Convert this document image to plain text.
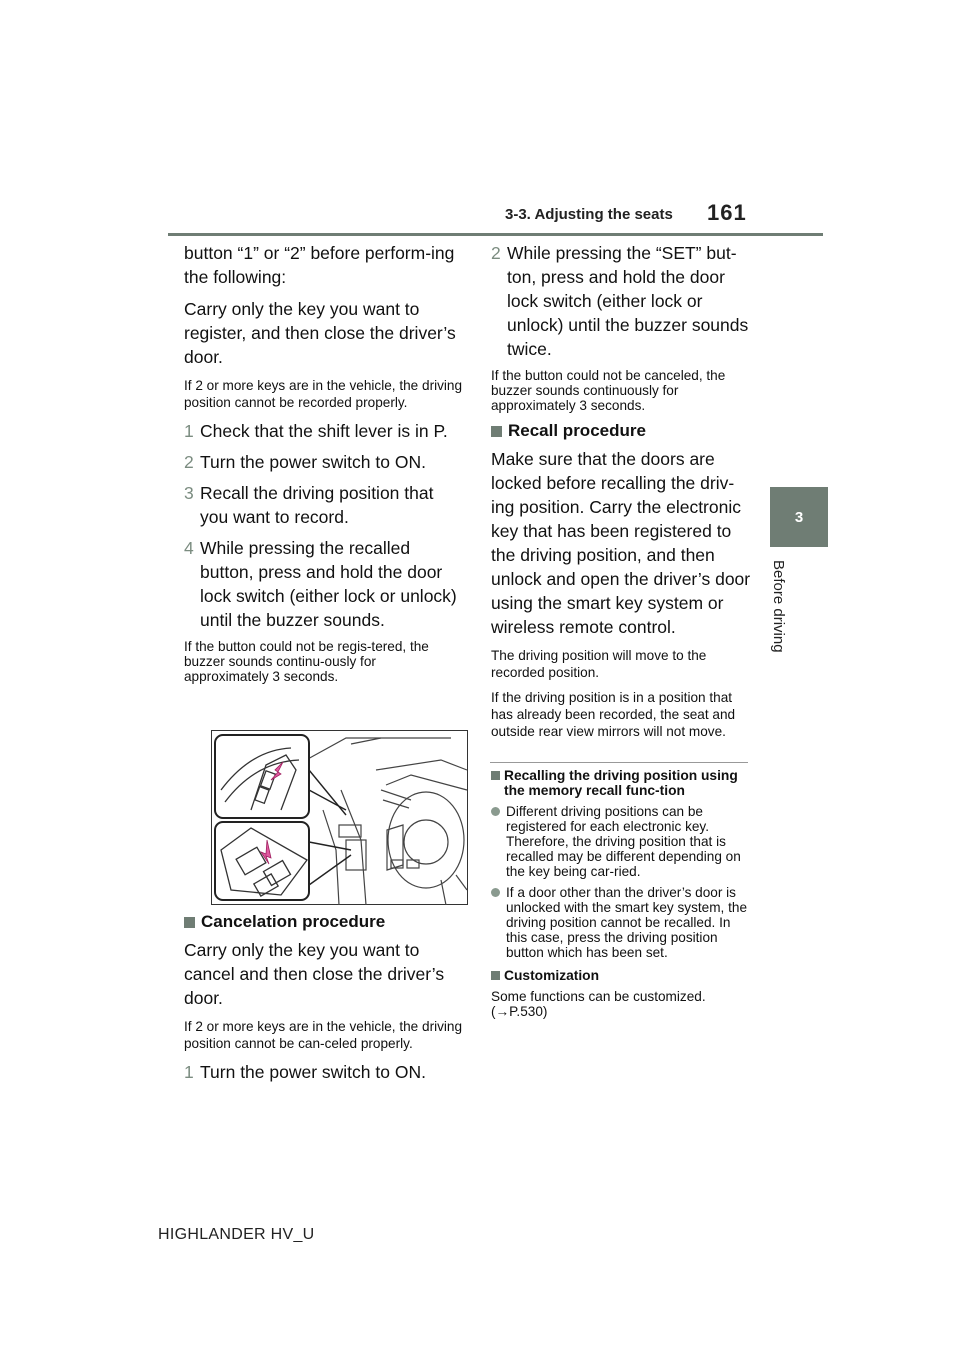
3-3. Adjusting the seats 161
3
Before driving

button “1” or “2” before perform-ing the following:

Carry only the key you want to register, and then close the driver’s door.

If 2 or more keys are in the vehicle, the driving position cannot be recorded properly.

1 Check that the shift lever is in P.
2 Turn the power switch to ON.
3 Recall the driving position that you want to record.
4 While pressing the recalled button, press and hold the door lock switch (either lock or unlock) until the buzzer sounds.

If the button could not be regis-tered, the buzzer sounds continu-ously for approximately 3 seconds.

Cancelation procedure

Carry only the key you want to cancel and then close the driver’s door.

If 2 or more keys are in the vehicle, the driving position cannot be can-celed properly.

1 Turn the power switch to ON.
2 While pressing the “SET” but-ton, press and hold the door lock switch (either lock or unlock) until the buzzer sounds twice.

If the button could not be canceled, the buzzer sounds continuously for approximately 3 seconds.

Recall procedure

Make sure that the doors are locked before recalling the driv-ing position. Carry the electronic key that has been registered to the driving position, and then unlock and open the driver’s door using the smart key system or wireless remote control.

The driving position will move to the recorded position.

If the driving position is in a position that has already been recorded, the seat and outside rear view mirrors will not move.

Recalling the driving position using the memory recall func-tion
Different driving positions can be registered for each electronic key. Therefore, the driving position that is recalled may be different depending on the key being car-ried.
If a door other than the driver’s door is unlocked with the smart key system, the driving position cannot be recalled. In this case, press the driving position button which has been set.
Customization
Some functions can be customized. (→P.530)
HIGHLANDER HV_U
